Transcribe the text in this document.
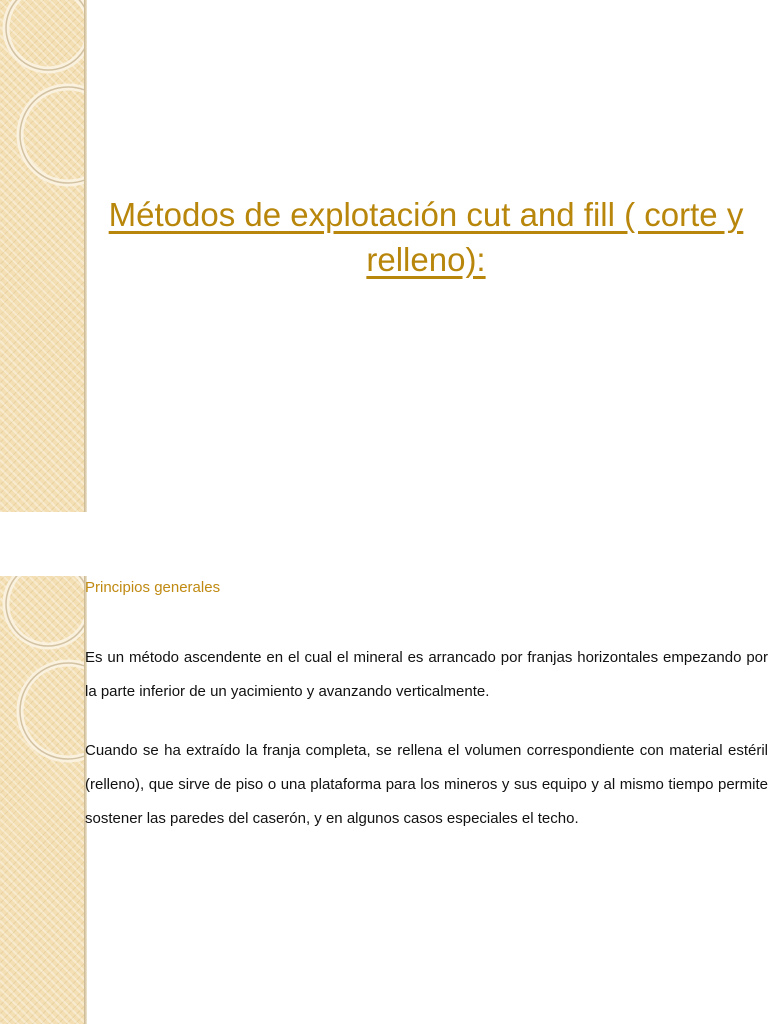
Métodos de explotación cut and fill ( corte y relleno):
Principios generales

Es un método ascendente en el cual el mineral es arrancado por franjas horizontales empezando por la parte inferior de un yacimiento y avanzando verticalmente.

Cuando se ha extraído la franja completa, se rellena el volumen correspondiente con material estéril (relleno), que sirve de piso o una plataforma para los mineros y sus equipo y al mismo tiempo permite sostener las paredes del caserón, y en algunos casos especiales el techo.
